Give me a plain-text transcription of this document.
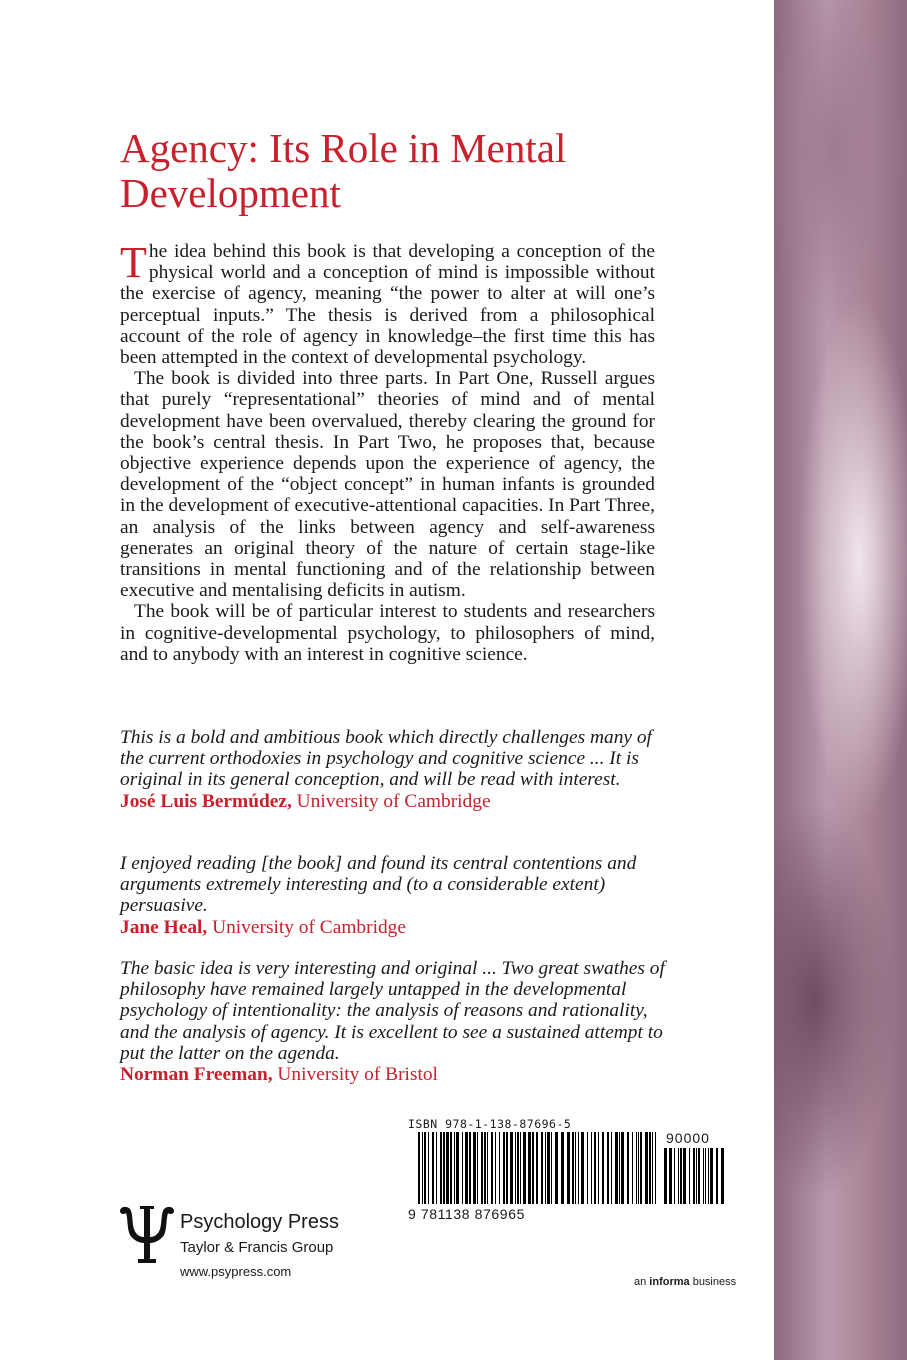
Agency: Its Role in Mental Development

The idea behind this book is that developing a conception of the physical world and a conception of mind is impossible without the exercise of agency, meaning “the power to alter at will one’s perceptual inputs.” The thesis is derived from a philosophical account of the role of agency in knowledge–the first time this has been attempted in the context of developmental psychology.

The book is divided into three parts. In Part One, Russell argues that purely “representational” theories of mind and of mental development have been overvalued, thereby clearing the ground for the book’s central thesis. In Part Two, he proposes that, because objective experience depends upon the experience of agency, the development of the “object concept” in human infants is grounded in the development of executive-attentional capacities. In Part Three, an analysis of the links between agency and self-awareness generates an original theory of the nature of certain stage-like transitions in mental functioning and of the relationship between executive and mentalising deficits in autism.

The book will be of particular interest to students and researchers in cognitive-developmental psychology, to philosophers of mind, and to anybody with an interest in cognitive science.

This is a bold and ambitious book which directly challenges many of the current orthodoxies in psychology and cognitive science ... It is original in its general conception, and will be read with interest.

José Luis Bermúdez, University of Cambridge

I enjoyed reading [the book] and found its central contentions and arguments extremely interesting and (to a considerable extent) persuasive.

Jane Heal, University of Cambridge

The basic idea is very interesting and original ... Two great swathes of philosophy have remained largely untapped in the developmental psychology of intentionality: the analysis of reasons and rationality, and the analysis of agency. It is excellent to see a sustained attempt to put the latter on the agenda.

Norman Freeman, University of Bristol

ISBN 978-1-138-87696-5
90000
9 781138 876965
Psychology Press
Taylor & Francis Group
www.psypress.com
an informa business
